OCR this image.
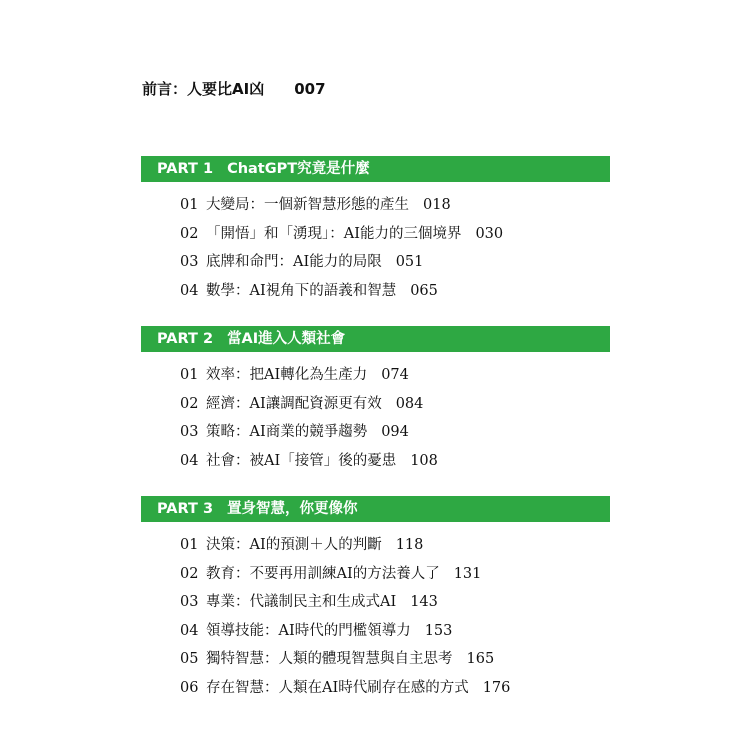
前言：人要比AI凶 007
PART 1 ChatGPT究竟是什麼
01 大變局：一個新智慧形態的產生 018
02 「開悟」和「湧現」：AI能力的三個境界 030
03 底牌和命門：AI能力的局限 051
04 數學：AI視角下的語義和智慧 065
PART 2 當AI進入人類社會
01 效率：把AI轉化為生產力 074
02 經濟：AI讓調配資源更有效 084
03 策略：AI商業的競爭趨勢 094
04 社會：被AI「接管」後的憂患 108
PART 3 置身智慧，你更像你
01 決策：AI的預測＋人的判斷 118
02 教育：不要再用訓練AI的方法養人了 131
03 專業：代議制民主和生成式AI 143
04 領導技能：AI時代的門檻領導力 153
05 獨特智慧：人類的體現智慧與自主思考 165
06 存在智慧：人類在AI時代刷存在感的方式 176
